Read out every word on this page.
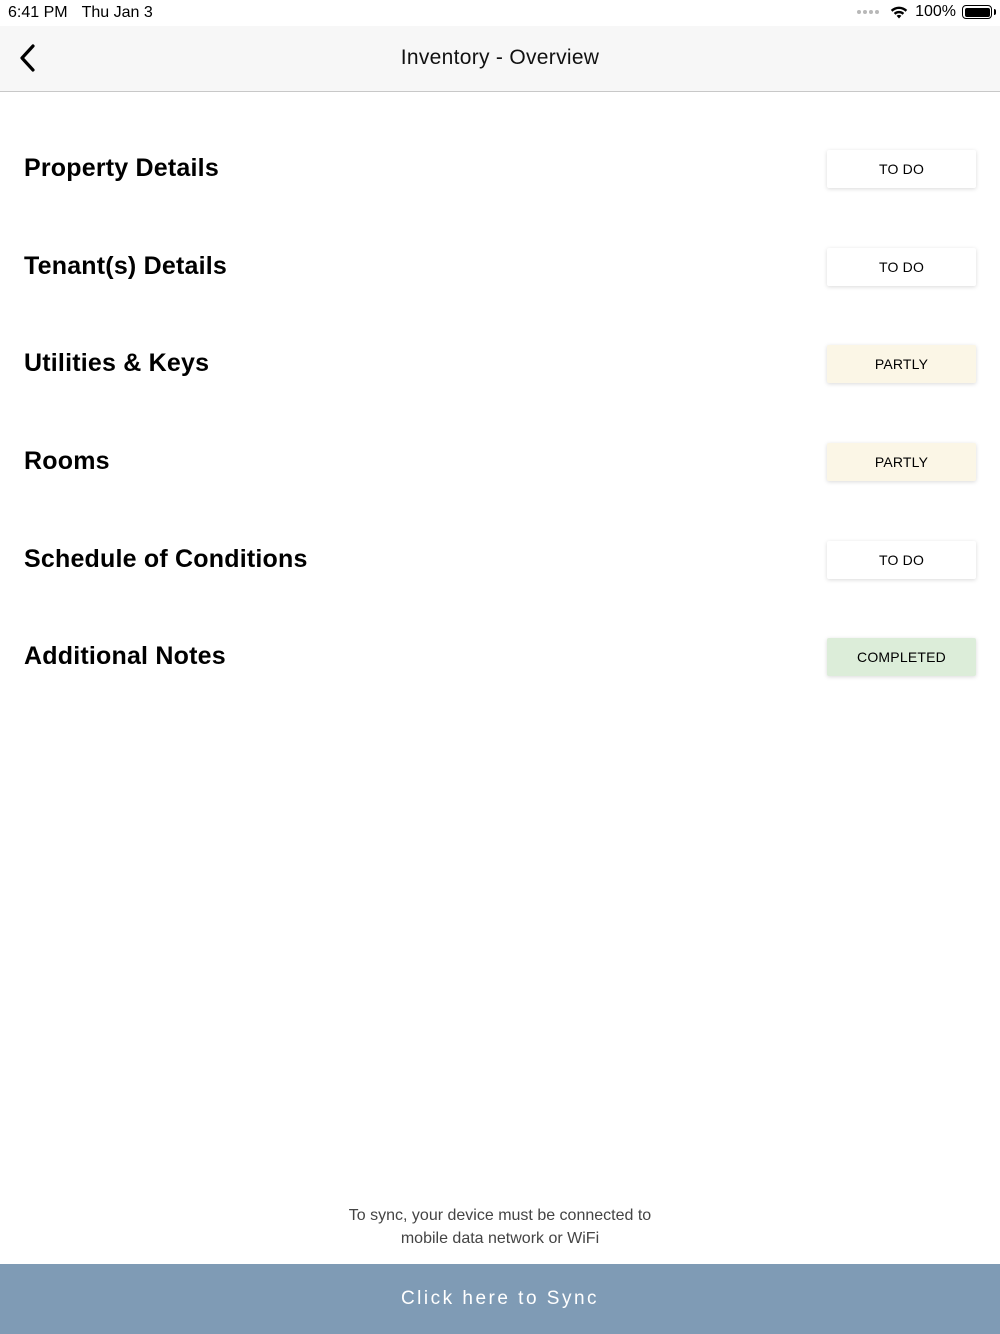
6:41 PM Thu Jan 3	100%
Inventory - Overview
Property Details	TO DO
Tenant(s) Details	TO DO
Utilities & Keys	PARTLY
Rooms	PARTLY
Schedule of Conditions	TO DO
Additional Notes	COMPLETED
To sync, your device must be connected to
mobile data network or WiFi
Click here to Sync
